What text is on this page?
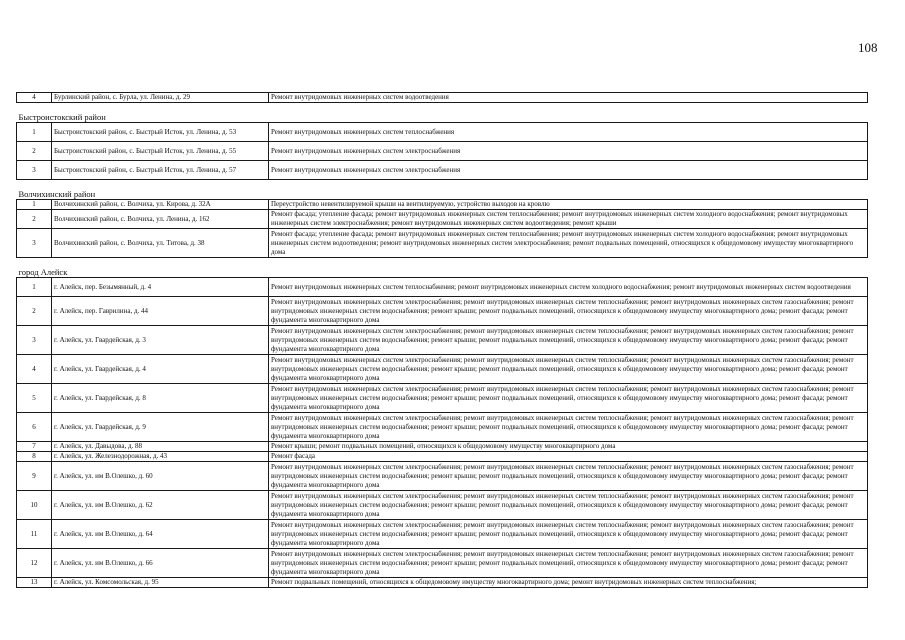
108
4	Бурлинский район, с. Бурла, ул. Ленина, д. 29	Ремонт внутридомовых инженерных систем водоотведения

Быстроистокский район		

1	Быстроистокский район, с. Быстрый Исток, ул. Ленина, д. 53	Ремонт внутридомовых инженерных систем теплоснабжения

2	Быстроистокский район, с. Быстрый Исток, ул. Ленина, д. 55	Ремонт внутридомовых инженерных систем электроснабжения

3	Быстроистокский район, с. Быстрый Исток, ул. Ленина, д. 57	Ремонт внутридомовых инженерных систем электроснабжения

Волчихинский район		

1	Волчихинский район, с. Волчиха, ул. Кирова, д. 32А	Переустройство невентилируемой крыши на вентилируемую, устройство выходов на кровлю

2	Волчихинский район, с. Волчиха, ул. Ленина, д. 162	Ремонт фасада; утепление фасада; ремонт внутридомовых инженерных систем теплоснабжения; ремонт внутридомовых инженерных систем холодного водоснабжения; ремонт внутридомовых инженерных систем электроснабжения; ремонт внутридомовых инженерных систем водоотведения; ремонт крыши

3	Волчихинский район, с. Волчиха, ул. Титова, д. 38	Ремонт фасада; утепление фасада; ремонт внутридомовых инженерных систем теплоснабжения; ремонт внутридомовых инженерных систем холодного водоснабжения; ремонт внутридомовых инженерных систем водоотведения; ремонт внутридомовых инженерных систем электроснабжения; ремонт подвальных помещений, относящихся к общедомовому имуществу многоквартирного дома

город Алейск		

1	г. Алейск, пер. Безымянный, д. 4	Ремонт внутридомовых инженерных систем теплоснабжения; ремонт внутридомовых инженерных систем холодного водоснабжения; ремонт внутридомовых инженерных систем водоотведения

2	г. Алейск, пер. Гаврилина, д. 44	Ремонт внутридомовых инженерных систем электроснабжения; ремонт внутридомовых инженерных систем теплоснабжения; ремонт внутридомовых инженерных систем газоснабжения; ремонт внутридомовых инженерных систем водоснабжения; ремонт крыши; ремонт подвальных помещений, относящихся к общедомовому имуществу многоквартирного дома; ремонт фасада; ремонт фундамента многоквартирного дома

3	г. Алейск, ул. Гвардейская, д. 3	Ремонт внутридомовых инженерных систем электроснабжения; ремонт внутридомовых инженерных систем теплоснабжения; ремонт внутридомовых инженерных систем газоснабжения; ремонт внутридомовых инженерных систем водоснабжения; ремонт крыши; ремонт подвальных помещений, относящихся к общедомовому имуществу многоквартирного дома; ремонт фасада; ремонт фундамента многоквартирного дома

4	г. Алейск, ул. Гвардейская, д. 4	Ремонт внутридомовых инженерных систем электроснабжения; ремонт внутридомовых инженерных систем теплоснабжения; ремонт внутридомовых инженерных систем газоснабжения; ремонт внутридомовых инженерных систем водоснабжения; ремонт крыши; ремонт подвальных помещений, относящихся к общедомовому имуществу многоквартирного дома; ремонт фасада; ремонт фундамента многоквартирного дома

5	г. Алейск, ул. Гвардейская, д. 8	Ремонт внутридомовых инженерных систем электроснабжения; ремонт внутридомовых инженерных систем теплоснабжения; ремонт внутридомовых инженерных систем газоснабжения; ремонт внутридомовых инженерных систем водоснабжения; ремонт крыши; ремонт подвальных помещений, относящихся к общедомовому имуществу многоквартирного дома; ремонт фасада; ремонт фундамента многоквартирного дома

6	г. Алейск, ул. Гвардейская, д. 9	Ремонт внутридомовых инженерных систем электроснабжения; ремонт внутридомовых инженерных систем теплоснабжения; ремонт внутридомовых инженерных систем газоснабжения; ремонт внутридомовых инженерных систем водоснабжения; ремонт крыши; ремонт подвальных помещений, относящихся к общедомовому имуществу многоквартирного дома; ремонт фасада; ремонт фундамента многоквартирного дома

7	г. Алейск, ул. Давыдова, д. 88	Ремонт крыши; ремонт подвальных помещений, относящихся к общедомовому имуществу многоквартирного дома

8	г. Алейск, ул. Железнодорожная, д. 43	Ремонт фасада

9	г. Алейск, ул. им В.Олешко, д. 60	Ремонт внутридомовых инженерных систем электроснабжения; ремонт внутридомовых инженерных систем теплоснабжения; ремонт внутридомовых инженерных систем газоснабжения; ремонт внутридомовых инженерных систем водоснабжения; ремонт крыши; ремонт подвальных помещений, относящихся к общедомовому имуществу многоквартирного дома; ремонт фасада; ремонт фундамента многоквартирного дома

10	г. Алейск, ул. им В.Олешко, д. 62	Ремонт внутридомовых инженерных систем электроснабжения; ремонт внутридомовых инженерных систем теплоснабжения; ремонт внутридомовых инженерных систем газоснабжения; ремонт внутридомовых инженерных систем водоснабжения; ремонт крыши; ремонт подвальных помещений, относящихся к общедомовому имуществу многоквартирного дома; ремонт фасада; ремонт фундамента многоквартирного дома

11	г. Алейск, ул. им В.Олешко, д. 64	Ремонт внутридомовых инженерных систем электроснабжения; ремонт внутридомовых инженерных систем теплоснабжения; ремонт внутридомовых инженерных систем газоснабжения; ремонт внутридомовых инженерных систем водоснабжения; ремонт крыши; ремонт подвальных помещений, относящихся к общедомовому имуществу многоквартирного дома; ремонт фасада; ремонт фундамента многоквартирного дома

12	г. Алейск, ул. им В.Олешко, д. 66	Ремонт внутридомовых инженерных систем электроснабжения; ремонт внутридомовых инженерных систем теплоснабжения; ремонт внутридомовых инженерных систем газоснабжения; ремонт внутридомовых инженерных систем водоснабжения; ремонт крыши; ремонт подвальных помещений, относящихся к общедомовому имуществу многоквартирного дома; ремонт фасада; ремонт фундамента многоквартирного дома

13	г. Алейск, ул. Комсомольская, д. 95	Ремонт подвальных помещений, относящихся к общедомовому имуществу многоквартирного дома; ремонт внутридомовых инженерных систем теплоснабжения;
